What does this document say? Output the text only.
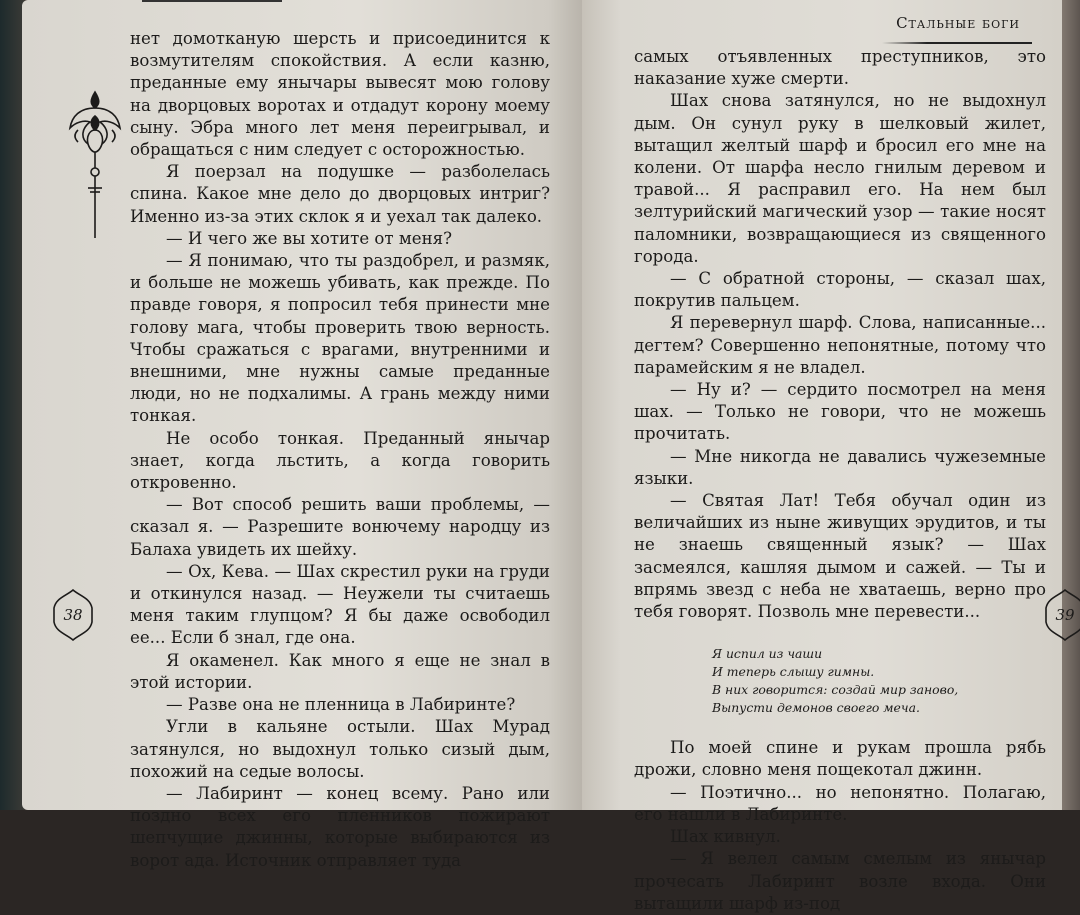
нет домотканую шерсть и присоединится к возмутителям спокойствия. А если казню, преданные ему янычары вывесят мою голову на дворцовых воротах и отдадут корону моему сыну. Эбра много лет меня переигрывал, и обращаться с ним следует с осторожностью.

Я поерзал на подушке — разболелась спина. Какое мне дело до дворцовых интриг? Именно из-за этих склок я и уехал так далеко.

— И чего же вы хотите от меня?

— Я понимаю, что ты раздобрел, и размяк, и больше не можешь убивать, как прежде. По правде говоря, я попросил тебя принести мне голову мага, чтобы проверить твою верность. Чтобы сражаться с врагами, внутренними и внешними, мне нужны самые преданные люди, но не подхалимы. А грань между ними тонкая.

Не особо тонкая. Преданный янычар знает, когда льстить, а когда говорить откровенно.

— Вот способ решить ваши проблемы, — сказал я. — Разрешите вонючему народцу из Балаха увидеть их шейху.

— Ох, Кева. — Шах скрестил руки на груди и откинулся назад. — Неужели ты считаешь меня таким глупцом? Я бы даже освободил ее... Если б знал, где она.

Я окаменел. Как много я еще не знал в этой истории.

— Разве она не пленница в Лабиринте?

Угли в кальяне остыли. Шах Мурад затянулся, но выдохнул только сизый дым, похожий на седые волосы.

— Лабиринт — конец всему. Рано или поздно всех его пленников пожирают шепчущие джинны, которые выбираются из ворот ада. Источник отправляет туда

38
Стальные боги

самых отъявленных преступников, это наказание хуже смерти.

Шах снова затянулся, но не выдохнул дым. Он сунул руку в шелковый жилет, вытащил желтый шарф и бросил его мне на колени. От шарфа несло гнилым деревом и травой... Я расправил его. На нем был зелтурийский магический узор — такие носят паломники, возвращающиеся из священного города.

— С обратной стороны, — сказал шах, покрутив пальцем.

Я перевернул шарф. Слова, написанные... дегтем? Совершенно непонятные, потому что парамейским я не владел.

— Ну и? — сердито посмотрел на меня шах. — Только не говори, что не можешь прочитать.

— Мне никогда не давались чужеземные языки.

— Святая Лат! Тебя обучал один из величайших из ныне живущих эрудитов, и ты не знаешь священный язык? — Шах засмеялся, кашляя дымом и сажей. — Ты и впрямь звезд с неба не хватаешь, верно про тебя говорят. Позволь мне перевести...

Я испил из чаши
И теперь слышу гимны.
В них говорится: создай мир заново,
Выпусти демонов своего меча.

По моей спине и рукам прошла рябь дрожи, словно меня пощекотал джинн.

— Поэтично... но непонятно. Полагаю, его нашли в Лабиринте.

Шах кивнул.

— Я велел самым смелым из янычар прочесать Лабиринт возле входа. Они вытащили шарф из-под

39
